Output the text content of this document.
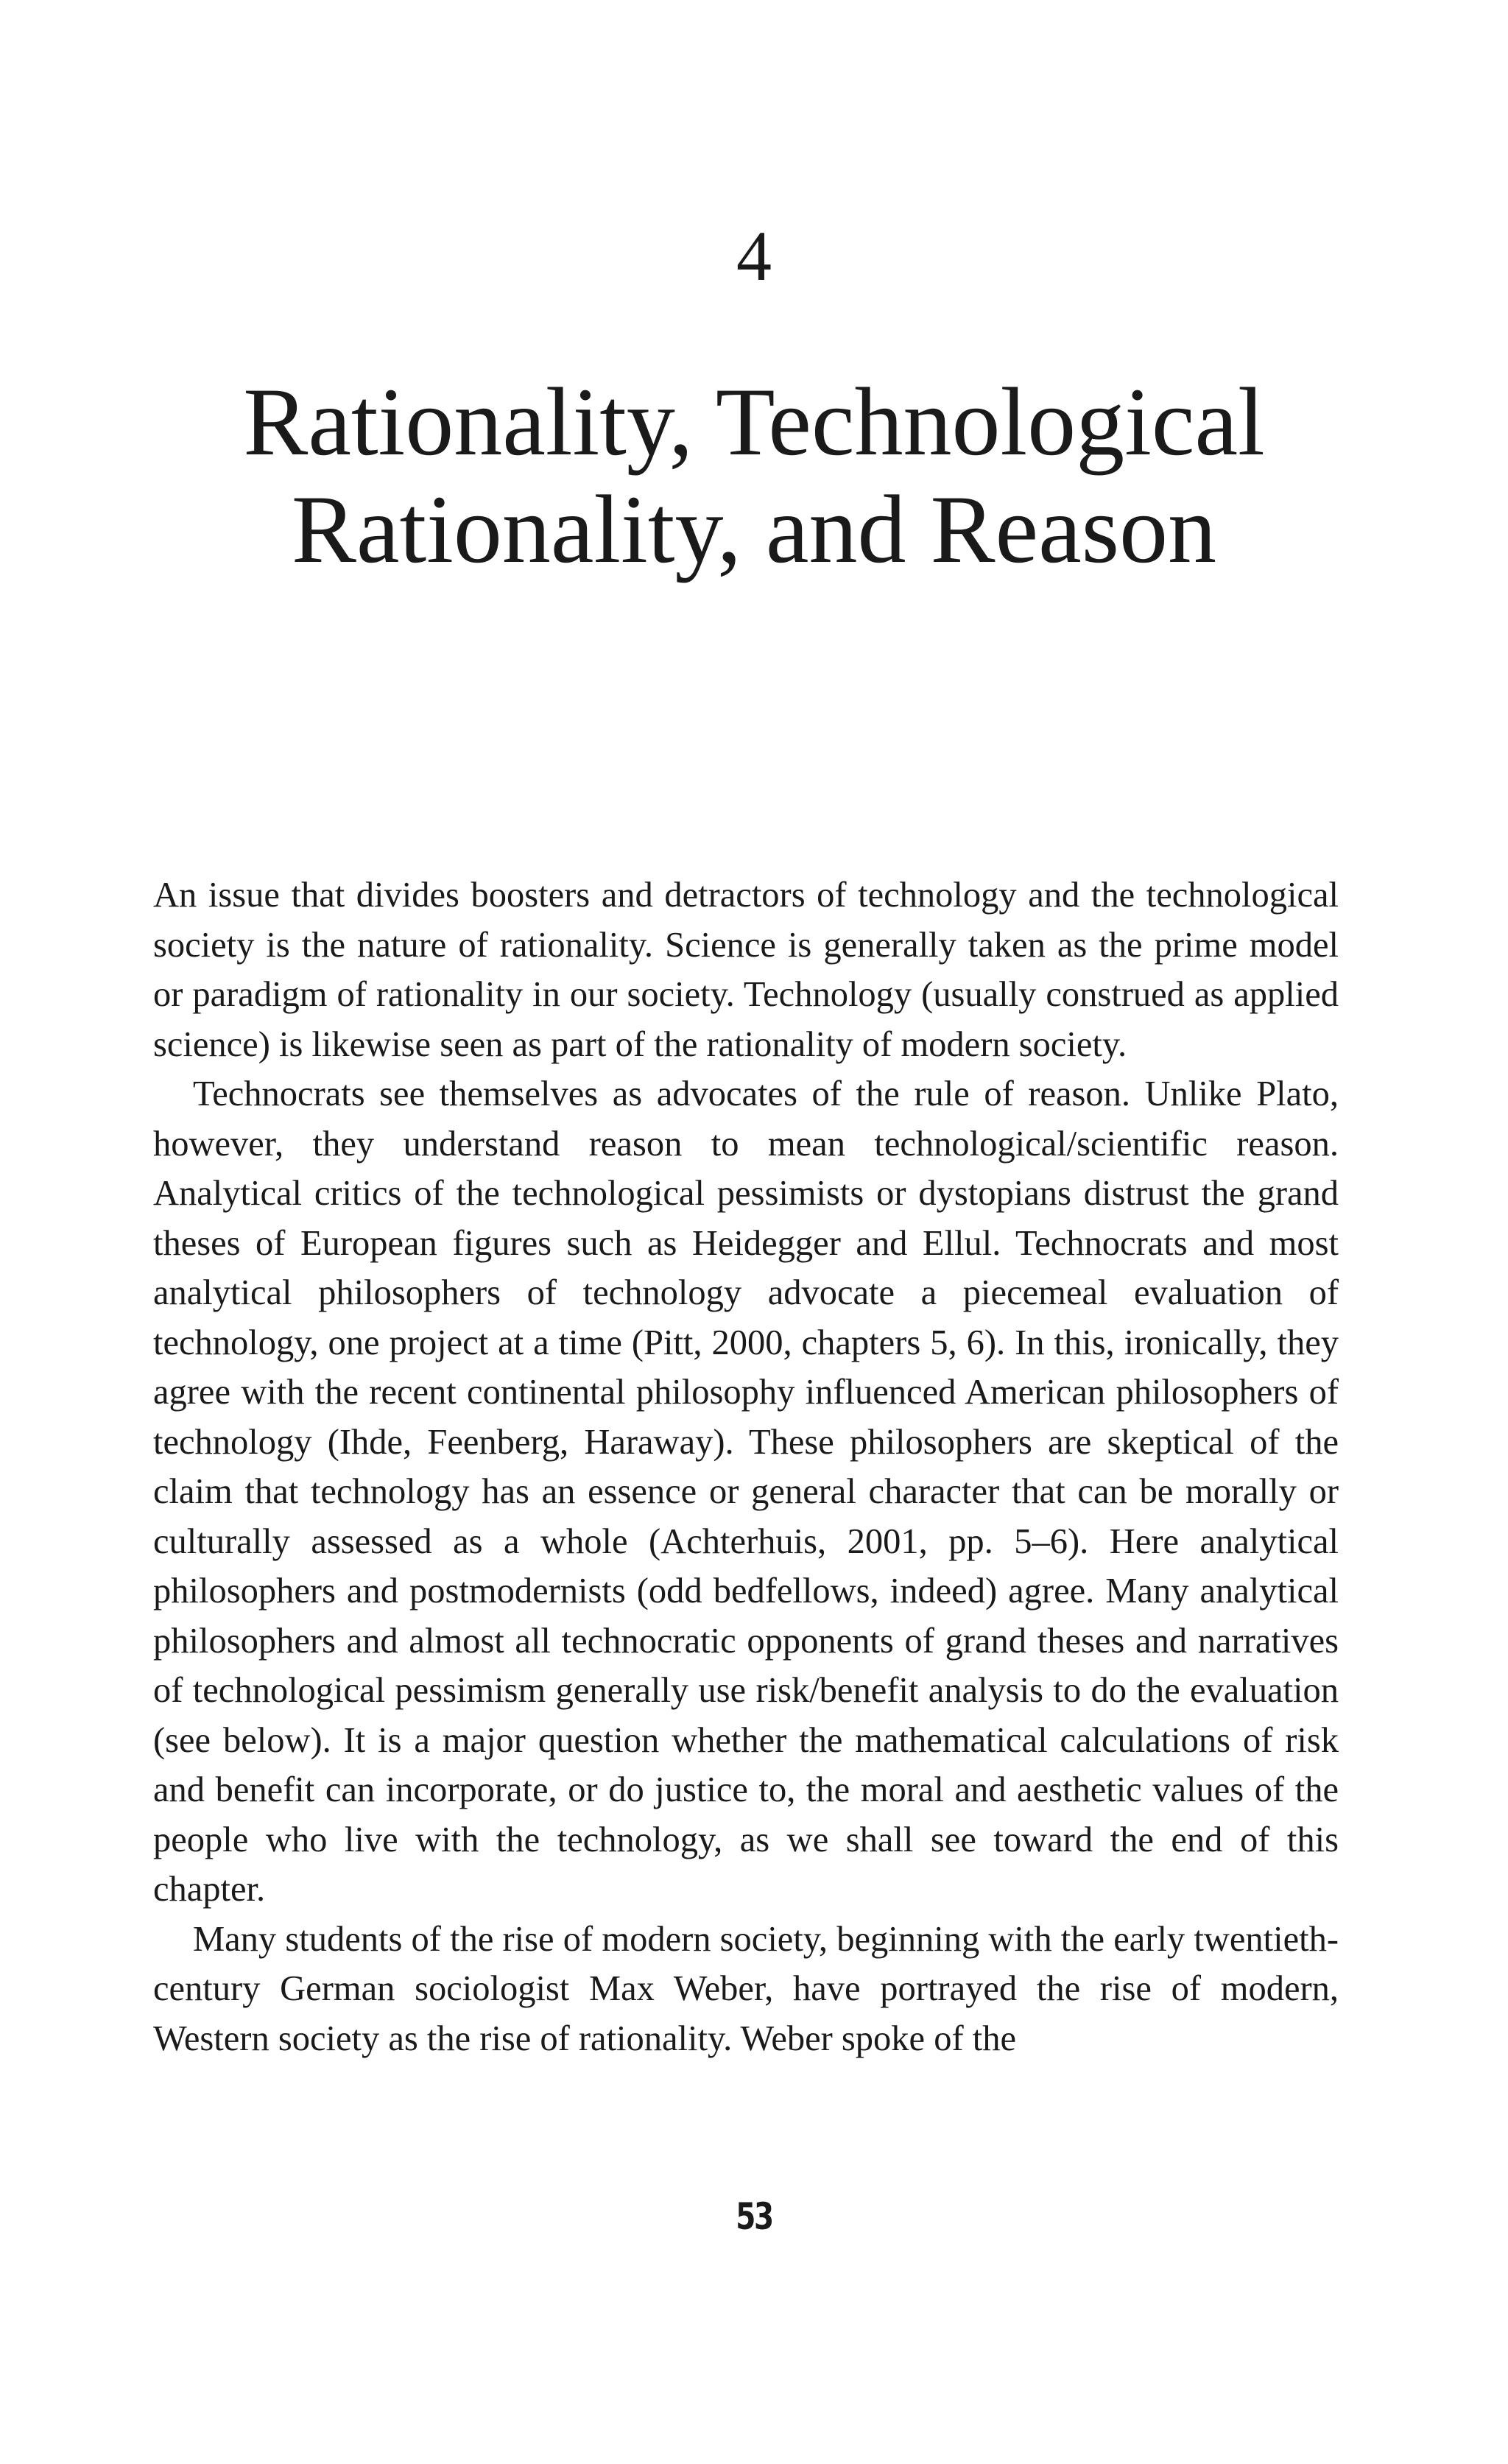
4
Rationality, Technological
Rationality, and Reason

An issue that divides boosters and detractors of technology and the technological society is the nature of rationality. Science is generally taken as the prime model or paradigm of rationality in our society. Technology (usually construed as applied science) is likewise seen as part of the rationality of modern society.

Technocrats see themselves as advocates of the rule of reason. Unlike Plato, however, they understand reason to mean technological/scientific reason. Analytical critics of the technological pessimists or dystopians distrust the grand theses of European figures such as Heidegger and Ellul. Technocrats and most analytical philosophers of technology advocate a piecemeal evaluation of technology, one project at a time (Pitt, 2000, chapters 5, 6). In this, ironically, they agree with the recent continental philosophy influenced American philosophers of technology (Ihde, Feenberg, Haraway). These philosophers are skeptical of the claim that technology has an essence or general character that can be morally or culturally assessed as a whole (Achterhuis, 2001, pp. 5–6). Here analytical philosophers and postmodernists (odd bedfellows, indeed) agree. Many analytical philosophers and almost all technocratic opponents of grand theses and narratives of technological pessimism generally use risk/benefit analysis to do the evaluation (see below). It is a major question whether the mathematical calculations of risk and benefit can incorporate, or do justice to, the moral and aesthetic values of the people who live with the technology, as we shall see toward the end of this chapter.

Many students of the rise of modern society, beginning with the early twentieth-century German sociologist Max Weber, have portrayed the rise of modern, Western society as the rise of rationality. Weber spoke of the

53
